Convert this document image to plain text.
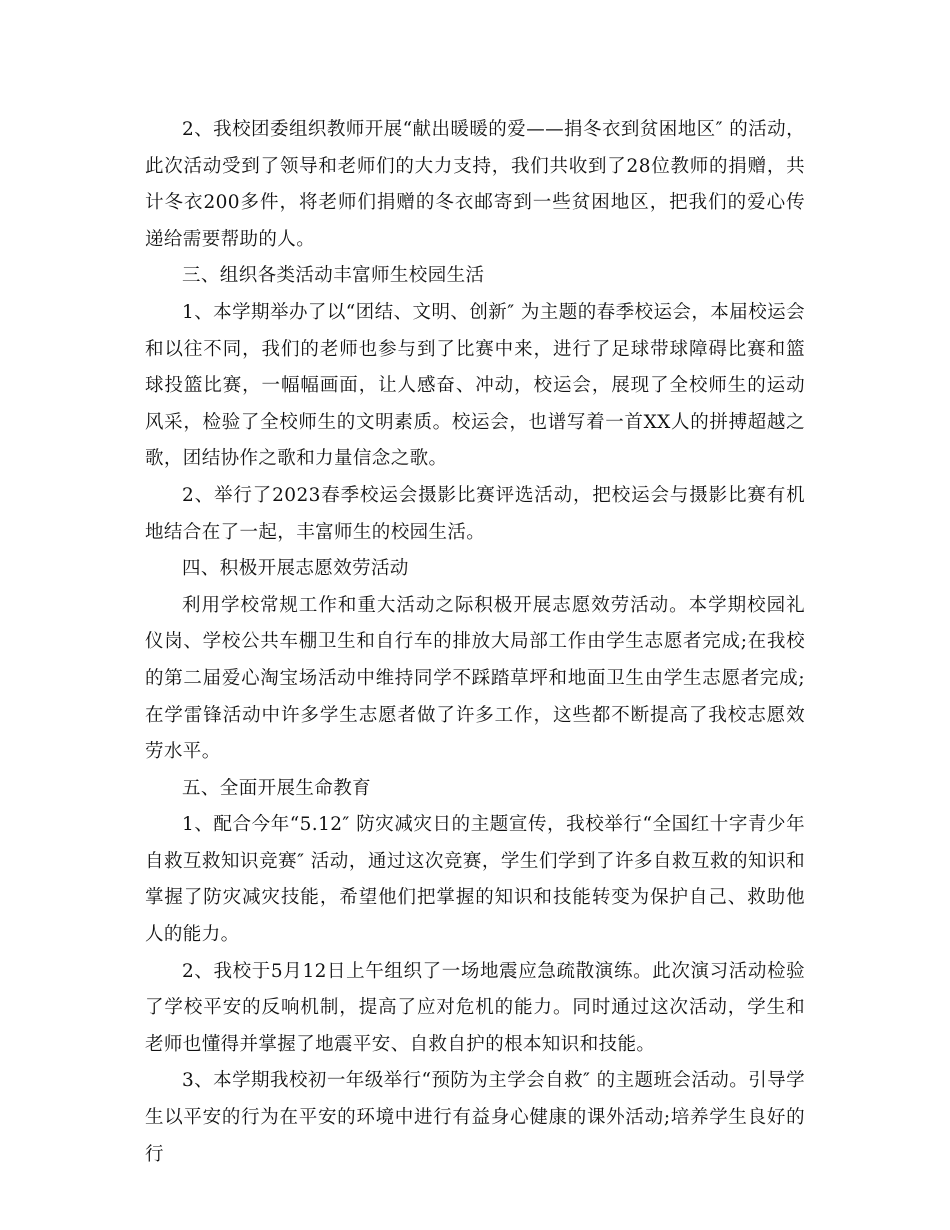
2、我校团委组织教师开展“献出暖暖的爱——捐冬衣到贫困地区″ 的活动，此次活动受到了领导和老师们的大力支持，我们共收到了28位教师的捐赠，共计冬衣200多件，将老师们捐赠的冬衣邮寄到一些贫困地区，把我们的爱心传递给需要帮助的人。

三、组织各类活动丰富师生校园生活

1、本学期举办了以“团结、文明、创新″ 为主题的春季校运会，本届校运会和以往不同，我们的老师也参与到了比赛中来，进行了足球带球障碍比赛和篮球投篮比赛，一幅幅画面，让人感奋、冲动，校运会，展现了全校师生的运动风采，检验了全校师生的文明素质。校运会，也谱写着一首XX人的拼搏超越之歌，团结协作之歌和力量信念之歌。

2、举行了2023春季校运会摄影比赛评选活动，把校运会与摄影比赛有机地结合在了一起，丰富师生的校园生活。

四、积极开展志愿效劳活动

利用学校常规工作和重大活动之际积极开展志愿效劳活动。本学期校园礼仪岗、学校公共车棚卫生和自行车的排放大局部工作由学生志愿者完成;在我校的第二届爱心淘宝场活动中维持同学不踩踏草坪和地面卫生由学生志愿者完成;在学雷锋活动中许多学生志愿者做了许多工作，这些都不断提高了我校志愿效劳水平。

五、全面开展生命教育

1、配合今年“5.12″ 防灾减灾日的主题宣传，我校举行“全国红十字青少年自救互救知识竞赛″ 活动，通过这次竞赛，学生们学到了许多自救互救的知识和掌握了防灾减灾技能，希望他们把掌握的知识和技能转变为保护自己、救助他人的能力。

2、我校于5月12日上午组织了一场地震应急疏散演练。此次演习活动检验了学校平安的反响机制，提高了应对危机的能力。同时通过这次活动，学生和老师也懂得并掌握了地震平安、自救自护的根本知识和技能。

3、本学期我校初一年级举行“预防为主学会自救″ 的主题班会活动。引导学生以平安的行为在平安的环境中进行有益身心健康的课外活动;培养学生良好的行
